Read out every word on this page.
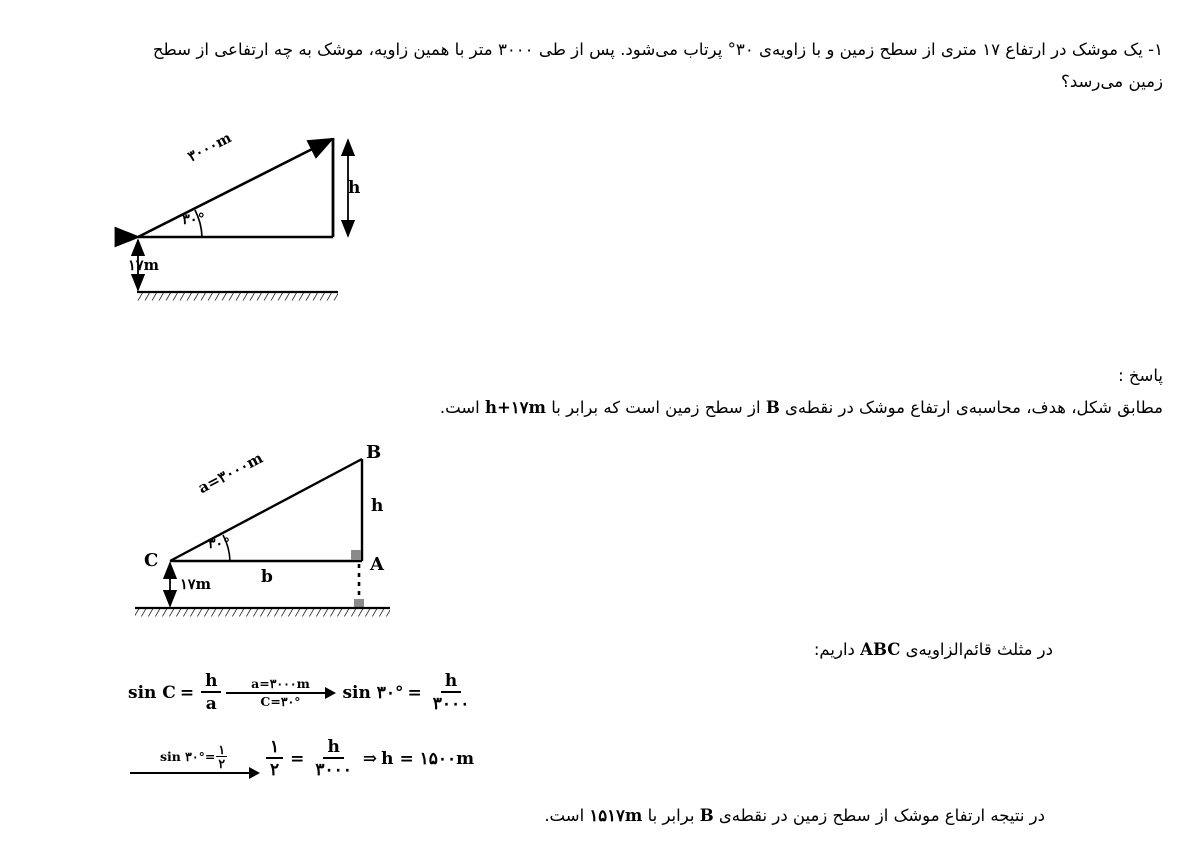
۱- یک موشک در ارتفاع ۱۷ متری از سطح زمین و با زاویه‌ی ۳۰° پرتاب می‌شود. پس از طی ۳۰۰۰ متر با همین زاویه، موشک به چه ارتفاعی از سطح زمین می‌رسد؟
۳۰۰۰m
۳۰°
h
۱۷m
پاسخ :
مطابق شکل، هدف، محاسبه‌ی ارتفاع موشک در نقطه‌ی B از سطح زمین است که برابر با h+۱۷m است.
B
A
C
a=۳۰۰۰m
h
b
۳۰°
۱۷m
در مثلث قائم‌الزاویه‌ی ABC داریم:
$\sin C = \frac{h}{a}$ a=۳۰۰۰m
C=۳۰° sin ۳۰° = $\frac{h}{۳۰۰۰}$
sin ۳۰°= $\frac{۱}{۲} \frac{۱}{۲} = \frac{h}{۳۰۰۰}$ ⇒ h = ۱۵۰۰m
در نتیجه ارتفاع موشک از سطح زمین در نقطه‌ی B برابر با ۱۵۱۷m است.
